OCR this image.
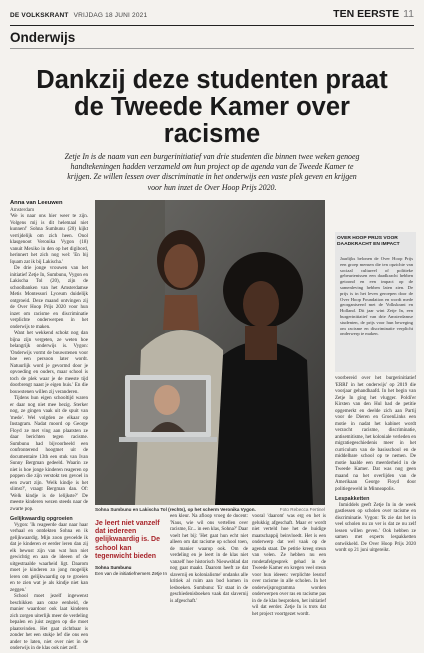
DE VOLKSKRANT VRIJDAG 18 JUNI 2021	TEN EERSTE 11
Onderwijs
Dankzij deze studenten praat de Tweede Kamer over racisme
Zetje In is de naam van een burgerinitiatief van drie studenten die binnen twee weken genoeg handtekeningen hadden verzameld om hun project op de agenda van de Tweede Kamer te krijgen. Ze willen lessen over discriminatie in het onderwijs een vaste plek geven en krijgen voor hun inzet de Over Hoop Prijs 2020.
Anna van Leeuwen
Amsterdam

'We is naar ons hier weer te zijn. Volgens mij is dit helemaal niet kunnen!' Sohna Sumbunu (20) kijkt verrijdelijk om zich heen. Onol klasgenoot Veronika Vygon (18) vanuit Mexiko in den op het digibord, herinnert het zich nog wel: 'En bij Iquam zat ik bij Lakischa.'

De drie jonge vrouwen van het initiatief Zetje In, Sumbunu, Vygon en Lakischa Tol (20), zijn de schoolbanken van het Amsterdamse Metis Montessori Lyceum duidelijk ontgroeid. Deze maand ontvingen zij de Over Hoop Prijs 2020 voor hun inzet om racisme en discriminatie verplichte onderwerpen in het onderwijs te maken.

Want het wekkend schokt nog dan bijna zijn vergeten, ze weten hoe belangrijk onderwijs is. Vygon: 'Onderwijs vormt de bouwstenen voor hoe een persoon later wordt. Natuurlijk word je gevormd door je opvoeding en ouders, maar school is toch de plek waar je de meeste tijd doorbrengt naast je eigen huis.' En die bouwstenen willen zij veranderen.

Tijdens hun eigen schooltijd waren er daar nog niet mee bezig. Sterker nog, ze gingen vaak uit de spuit van 'mede'. Wel volgden ze elkaar op Instagram. Nadat moord op George Floyd ze met ving aan plaatsten ze daar berichten tegen racisme. Sumbunu had bijvoorbeeld een confronterend hoogmet uit de documentaire 13th een stuk van Ivan Sunny Bergman gedeeld. Waarin ze niet is hoe jonge kinderen reageren op poppen die zijn verstokt ten gevoel in een zwart zijn. 'Welk kindje is het slimst?', vraagt Bergman dan. Of: 'Welk kindje is de lelijkste?' De meeste kinderen wezen steeds naar de zwarte pop.

Gelijkwaardig opgroeien

Vygon: 'Ik reageerde daar naar haar verhaal en ontdekten Sohna en ik gelijkwaardig. Mijn zoon gevoelde ik dat je kinderen er eerder leren dan zij elk bewust zijn van wat hun niet gewichtig en aan de ideeen of de uitgestraalde waarheid ligt. Daarom moet je kinderen zo jong mogelijk leren om gelijkwaardig op te groeien en te zien wat je als kindje niet kan zeggen.'

School moet jezelf ingewenst beschikken aan onze eenheid, de manier waardoor ook laat kinderen zich zorgen uiterlijk meer de verdeling bepalen en juist zeggen op die moet plaatsvinden. Het gaat zichtbaar is zonder het een stukje lef die ons een ander te laten, niet over niet in de onderwijs in de klas ook niet zelf.

Foto Rebecca Fertinel
Sohna Sumbunu en Lakischa Tol (rechts), op het scherm Veronika Vygon.
OVER HOOP PRIJS VOOR DAADKRACHT EN IMPACT
Jaarlijks belonen de Over Hoop Prijs een groep mensen die ten opzichte van sociaal cultureel of politieke gebeurtenissen een daadkracht hebben getoond en een impact op de samenleving hebben laten zien. De prijs is in het leven geroepen door de Over Hoop Foundation en wordt mede georganiseerd met de Volkskrant en Holland. Dit jaar wint Zetje In, een burgerinitiatief van drie Amsterdamse studenten, de prijs voor hun beweging om racisme en discriminatie verplicht onderwerp te maken.
Je leert niet vanzelf dat iedereen gelijkwaardig is. De school kan tegenwicht bieden
Sohna Sumbunu
Een van de initiatiefnemers Zetje In

een kleur. Na afloop vroeg de docent: 'Naus, wie wil ons vertellen over racisme, Er... in een klas, Sohna?' Daar voelt het bij: 'Het gaat hun echt niet alleen om dat racisme op school toen, de manier waarop ook. Om de verdeling en je leert in de klas niet vanzelf hoe historisch Nieuwsblad dat nog gaat maakt. Daarom heeft ze dat slavernij en kolonialisme' ondanks alle kritiek al ruim aan bod komen in lesboeken. Sumbunu: 'Er staat in de geschiedenisboeken vaak dat slavernij is afgeschaft.'

vooral 'daarom' was erg en het is gelukkig afgeschaft. Maar er wordt niet verteld hoe het de huidige maatschappij beinvloedt. Het is een onderwerp dat wel vaak op de agenda staat. De petitie kreeg steun van velen. Ze hebben nu een rondetafelgesprek gehad in de Tweede Kamer en kregen veel steun voor hun ideeen: verplichte lesstof over racisme in alle scholen. In het onderwijsprogramma worden onderwerpen over ras en racisme pas in de 4e klas besproken, het initiatief wil dat eerder. Zetje In is trots dat het project voortgezet wordt.

voorbereid over het burgerinitiatief 'ERRI' in het onderwijs' op 2019 die voorjaar gehandhaafd. In het begin van Zetje In ging het vlugger. Poldi'er Kirsten van den Hul had de petitie opgemerkt en deelde zich aan Partij voor de Dieren en GroenLinks een motie in nadat het kabinet wordt verzocht racisme, discriminatie, antisemitisme, het koloniale verleden en migratiegeschiedenis meer in het curriculum van de basisschool en de middelbare school op te nemen. De motie haalde een meerderheid in de Tweede Kamer. Dat was nog geen maand na het overlijden van de Amerikaan George Floyd door politiegeweld in Minneapolis.

Lespakketten

Inmiddels geeft Zetje In in de week gastlessen op scholen over racisme en discriminatie. Vygon: 'Ik zie dat het in veel scholen nu zo ver is dat ze nu zelf lessen willen geven.' Ook hebben ze samen met experts lespakketten ontwikkeld. De Over Hoop Prijs 2020 wordt op 21 juni uitgereikt.
